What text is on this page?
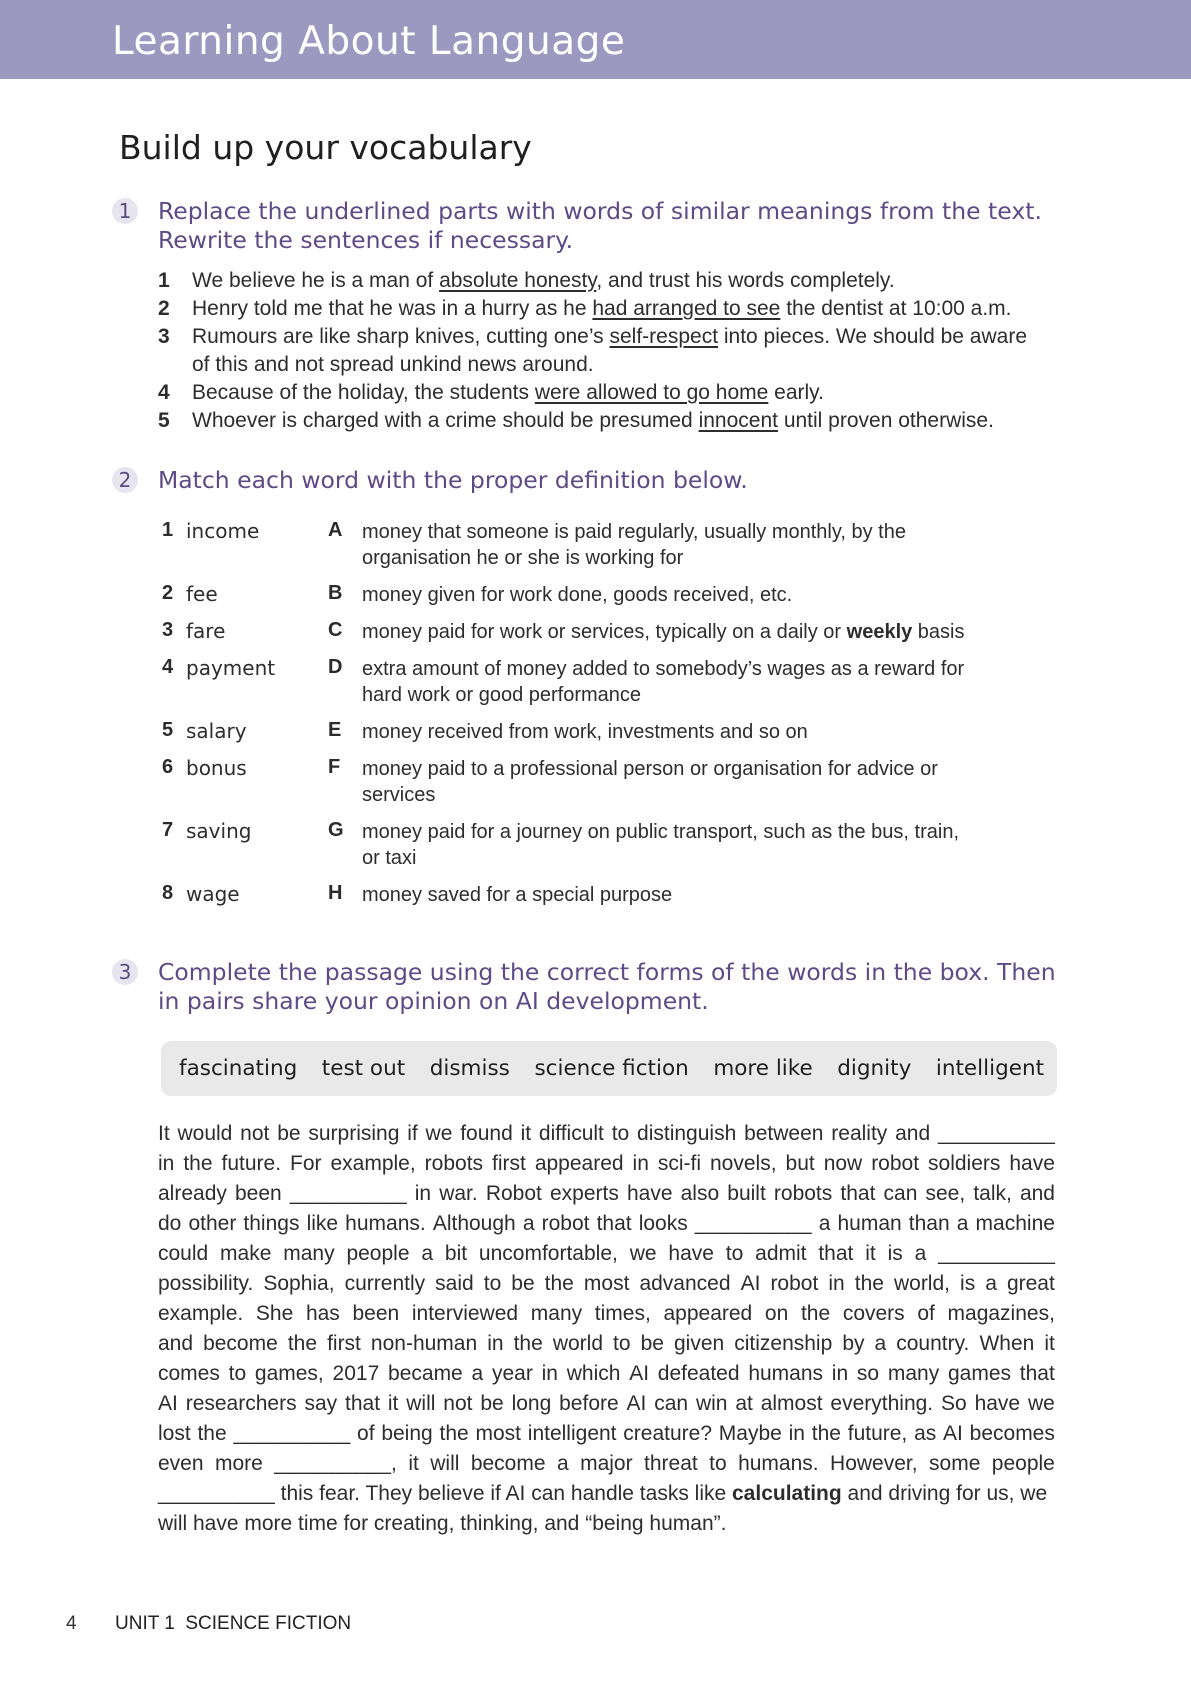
Learning About Language
Build up your vocabulary
1 Replace the underlined parts with words of similar meanings from the text.
Rewrite the sentences if necessary.
1	We believe he is a man of absolute honesty, and trust his words completely.
2	Henry told me that he was in a hurry as he had arranged to see the dentist at 10:00 a.m.
3	Rumours are like sharp knives, cutting one’s self-respect into pieces. We should be aware
of this and not spread unkind news around.
4	Because of the holiday, the students were allowed to go home early.
5	Whoever is charged with a crime should be presumed innocent until proven otherwise.
2 Match each word with the proper definition below.
1 income	A money that someone is paid regularly, usually monthly, by the
organisation he or she is working for
2 fee	B money given for work done, goods received, etc.
3 fare	C money paid for work or services, typically on a daily or weekly basis
4 payment	D extra amount of money added to somebody’s wages as a reward for
hard work or good performance
5 salary	E	money received from work, investments and so on
6 bonus	F	money paid to a professional person or organisation for advice or
services
7 saving	G money paid for a journey on public transport, such as the bus, train,
or taxi
8 wage	H money saved for a special purpose
3 Complete the passage using the correct forms of the words in the box. Then
in pairs share your opinion on AI development.
fascinating test out dismiss science fiction more like dignity intelligent
It would not be surprising if we found it difficult to distinguish between reality and __________
in the future. For example, robots first appeared in sci-fi novels, but now robot soldiers have
already been __________ in war. Robot experts have also built robots that can see, talk, and
do other things like humans. Although a robot that looks __________ a human than a machine
could make many people a bit uncomfortable, we have to admit that it is a __________
possibility. Sophia, currently said to be the most advanced AI robot in the world, is a great
example. She has been interviewed many times, appeared on the covers of magazines,
and become the first non-human in the world to be given citizenship by a country. When it
comes to games, 2017 became a year in which AI defeated humans in so many games that
AI researchers say that it will not be long before AI can win at almost everything. So have we
lost the __________ of being the most intelligent creature? Maybe in the future, as AI becomes
even more __________, it will become a major threat to humans. However, some people
__________ this fear. They believe if AI can handle tasks like calculating and driving for us, we
will have more time for creating, thinking, and “being human”.
4 UNIT 1  SCIENCE FICTION
